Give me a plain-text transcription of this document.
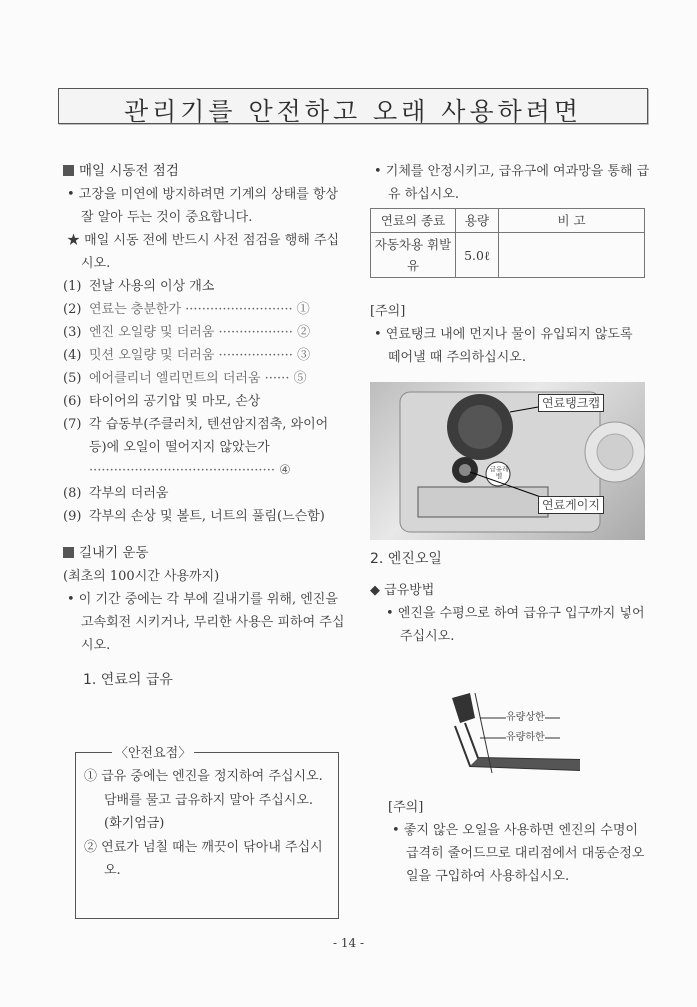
관리기를 안전하고 오래 사용하려면
매일 시동전 점검
• 고장을 미연에 방지하려면 기계의 상태를 항상 잘 알아 두는 것이 중요합니다.
★ 매일 시동 전에 반드시 사전 점검을 행해 주십시오.
(1) 전날 사용의 이상 개소
(2) 연료는 충분한가 ·························· ①
(3) 엔진 오일량 및 더러움 ·················· ②
(4) 밋션 오일량 및 더러움 ·················· ③
(5) 에어클리너 엘리먼트의 더러움 ······ ⑤
(6) 타이어의 공기압 및 마모, 손상
(7) 각 습동부(주클러치, 텐션암지점축, 와이어 등)에 오일이 떨어지지 않았는가
············································· ④
(8) 각부의 더러움
(9) 각부의 손상 및 볼트, 너트의 풀림(느슨함)
길내기 운동
(최초의 100시간 사용까지)
• 이 기간 중에는 각 부에 길내기를 위해, 엔진을 고속회전 시키거나, 무리한 사용은 피하여 주십시오.
1. 연료의 급유
〈안전요점〉
① 급유 중에는 엔진을 정지하여 주십시오.
담배를 물고 급유하지 말아 주십시오. (화기엄금)
② 연료가 넘칠 때는 깨끗이 닦아내 주십시오.
• 기체를 안정시키고, 급유구에 여과망을 통해 급유 하십시오.
연료의 종료	용량	비 고
자동차용 휘발유	5.0ℓ	
[주의]
• 연료탱크 내에 먼지나 물이 유입되지 않도록 떼어낼 때 주의하십시오.
연료탱크캡
연료게이지
급유레벨
2. 엔진오일
◆ 급유방법
• 엔진을 수평으로 하여 급유구 입구까지 넣어 주십시오.
유량상한
유량하한
[주의]
• 좋지 않은 오일을 사용하면 엔진의 수명이 급격히 줄어드므로 대리점에서 대동순정오일을 구입하여 사용하십시오.
- 14 -
